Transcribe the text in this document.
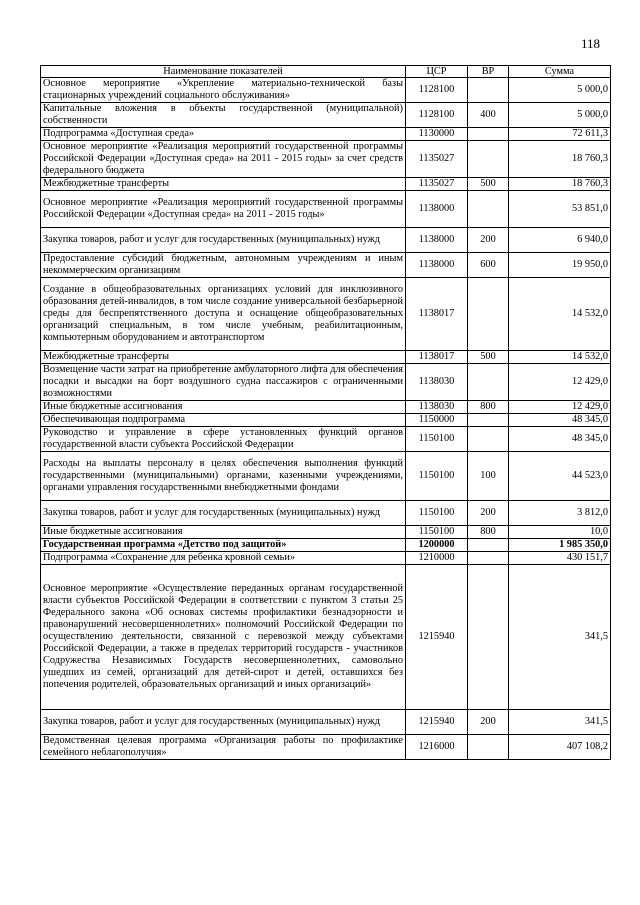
118
Наименование показателей	ЦСР	ВР	Сумма
Основное мероприятие «Укрепление материально-технической базы стационарных учреждений социального обслуживания»	1128100		5 000,0
Капитальные вложения в объекты государственной (муниципальной) собственности	1128100	400	5 000,0
Подпрограмма «Доступная среда»	1130000		72 611,3
Основное мероприятие «Реализация мероприятий государственной программы Российской Федерации «Доступная среда» на 2011 - 2015 годы» за счет средств федерального бюджета	1135027		18 760,3
Межбюджетные трансферты	1135027	500	18 760,3
Основное мероприятие «Реализация мероприятий государственной программы Российской Федерации «Доступная среда» на 2011 - 2015 годы»	1138000		53 851,0
Закупка товаров, работ и услуг для государственных (муниципальных) нужд	1138000	200	6 940,0
Предоставление субсидий бюджетным, автономным учреждениям и иным некоммерческим организациям	1138000	600	19 950,0
Создание в общеобразовательных организациях условий для инклюзивного образования детей-инвалидов, в том числе создание универсальной безбарьерной среды для беспрепятственного доступа и оснащение общеобразовательных организаций специальным, в том числе учебным, реабилитационным, компьютерным оборудованием и автотранспортом	1138017		14 532,0
Межбюджетные трансферты	1138017	500	14 532,0
Возмещение части затрат на приобретение амбулаторного лифта для обеспечения посадки и высадки на борт воздушного судна пассажиров с ограниченными возможностями	1138030		12 429,0
Иные бюджетные ассигнования	1138030	800	12 429,0
Обеспечивающая подпрограмма	1150000		48 345,0
Руководство и управление в сфере установленных функций органов государственной власти субъекта Российской Федерации	1150100		48 345,0
Расходы на выплаты персоналу в целях обеспечения выполнения функций государственными (муниципальными) органами, казенными учреждениями, органами управления государственными внебюджетными фондами	1150100	100	44 523,0
Закупка товаров, работ и услуг для государственных (муниципальных) нужд	1150100	200	3 812,0
Иные бюджетные ассигнования	1150100	800	10,0
Государственная программа «Детство под защитой»	1200000		1 985 350,0
Подпрограмма «Сохранение для ребенка кровной семьи»	1210000		430 151,7
Основное мероприятие «Осуществление переданных органам государственной власти субъектов Российской Федерации в соответствии с пунктом 3 статьи 25 Федерального закона «Об основах системы профилактики безнадзорности и правонарушений несовершеннолетних» полномочий Российской Федерации по осуществлению деятельности, связанной с перевозкой между субъектами Российской Федерации, а также в пределах территорий государств - участников Содружества Независимых Государств несовершеннолетних, самовольно ушедших из семей, организаций для детей-сирот и детей, оставшихся без попечения родителей, образовательных организаций и иных организаций»	1215940		341,5
Закупка товаров, работ и услуг для государственных (муниципальных) нужд	1215940	200	341,5
Ведомственная целевая программа «Организация работы по профилактике семейного неблагополучия»	1216000		407 108,2
